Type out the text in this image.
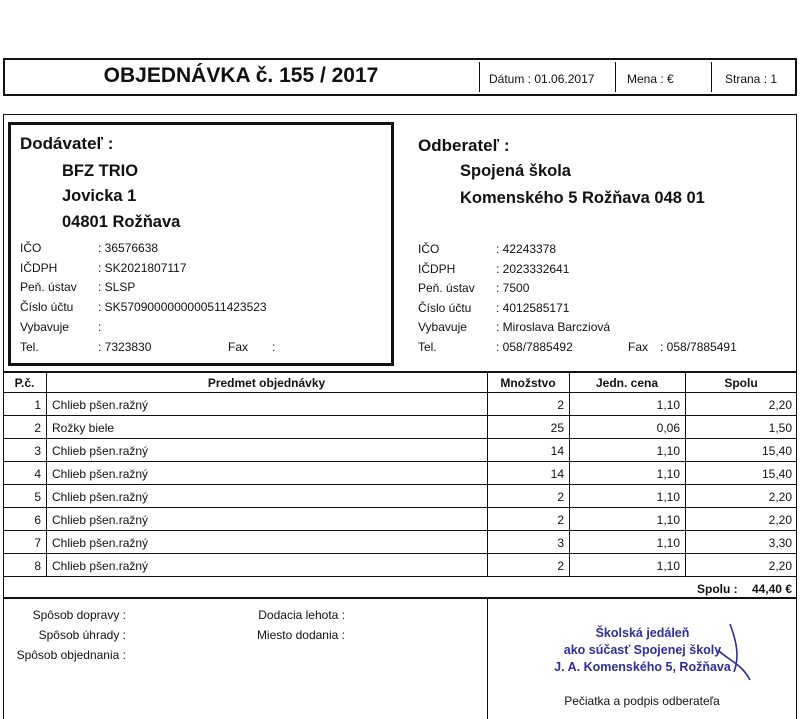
OBJEDNÁVKA č. 155 / 2017	Dátum : 01.06.2017	Mena : €	Strana : 1
Dodávateľ :
BFZ TRIO
Jovicka 1
04801 Rožňava
IČO	: 36576638
IČDPH	: SK2021807117
Peň. ústav : SLSP
Číslo účtu : SK5709000000000511423523
Vybavuje :
Tel.	: 7323830	Fax :
Odberateľ :
Spojená škola
Komenského 5 Rožňava 048 01
IČO	: 42243378
IČDPH	: 2023332641
Peň. ústav : 7500
Číslo účtu : 4012585171
Vybavuje : Miroslava Barcziová
Tel.	: 058/7885492	Fax : 058/7885491
P.č.	Predmet objednávky	Množstvo	Jedn. cena	Spolu
1 Chlieb pšen.ražný	2	1,10	2,20
2 Rožky biele	25	0,06	1,50
3 Chlieb pšen.ražný	14	1,10	15,40
4 Chlieb pšen.ražný	14	1,10	15,40
5 Chlieb pšen.ražný	2	1,10	2,20
6 Chlieb pšen.ražný	2	1,10	2,20
7 Chlieb pšen.ražný	3	1,10	3,30
8 Chlieb pšen.ražný	2	1,10	2,20
Spolu :	44,40 €
Spôsob dopravy :
Spôsob úhrady :
Spôsob objednania :
Dodacia lehota :
Miesto dodania :	Školská jedáleň
ako súčasť Spojenej školy
J. A. Komenského 5, Rožňava
Pečiatka a podpis odberateľa
